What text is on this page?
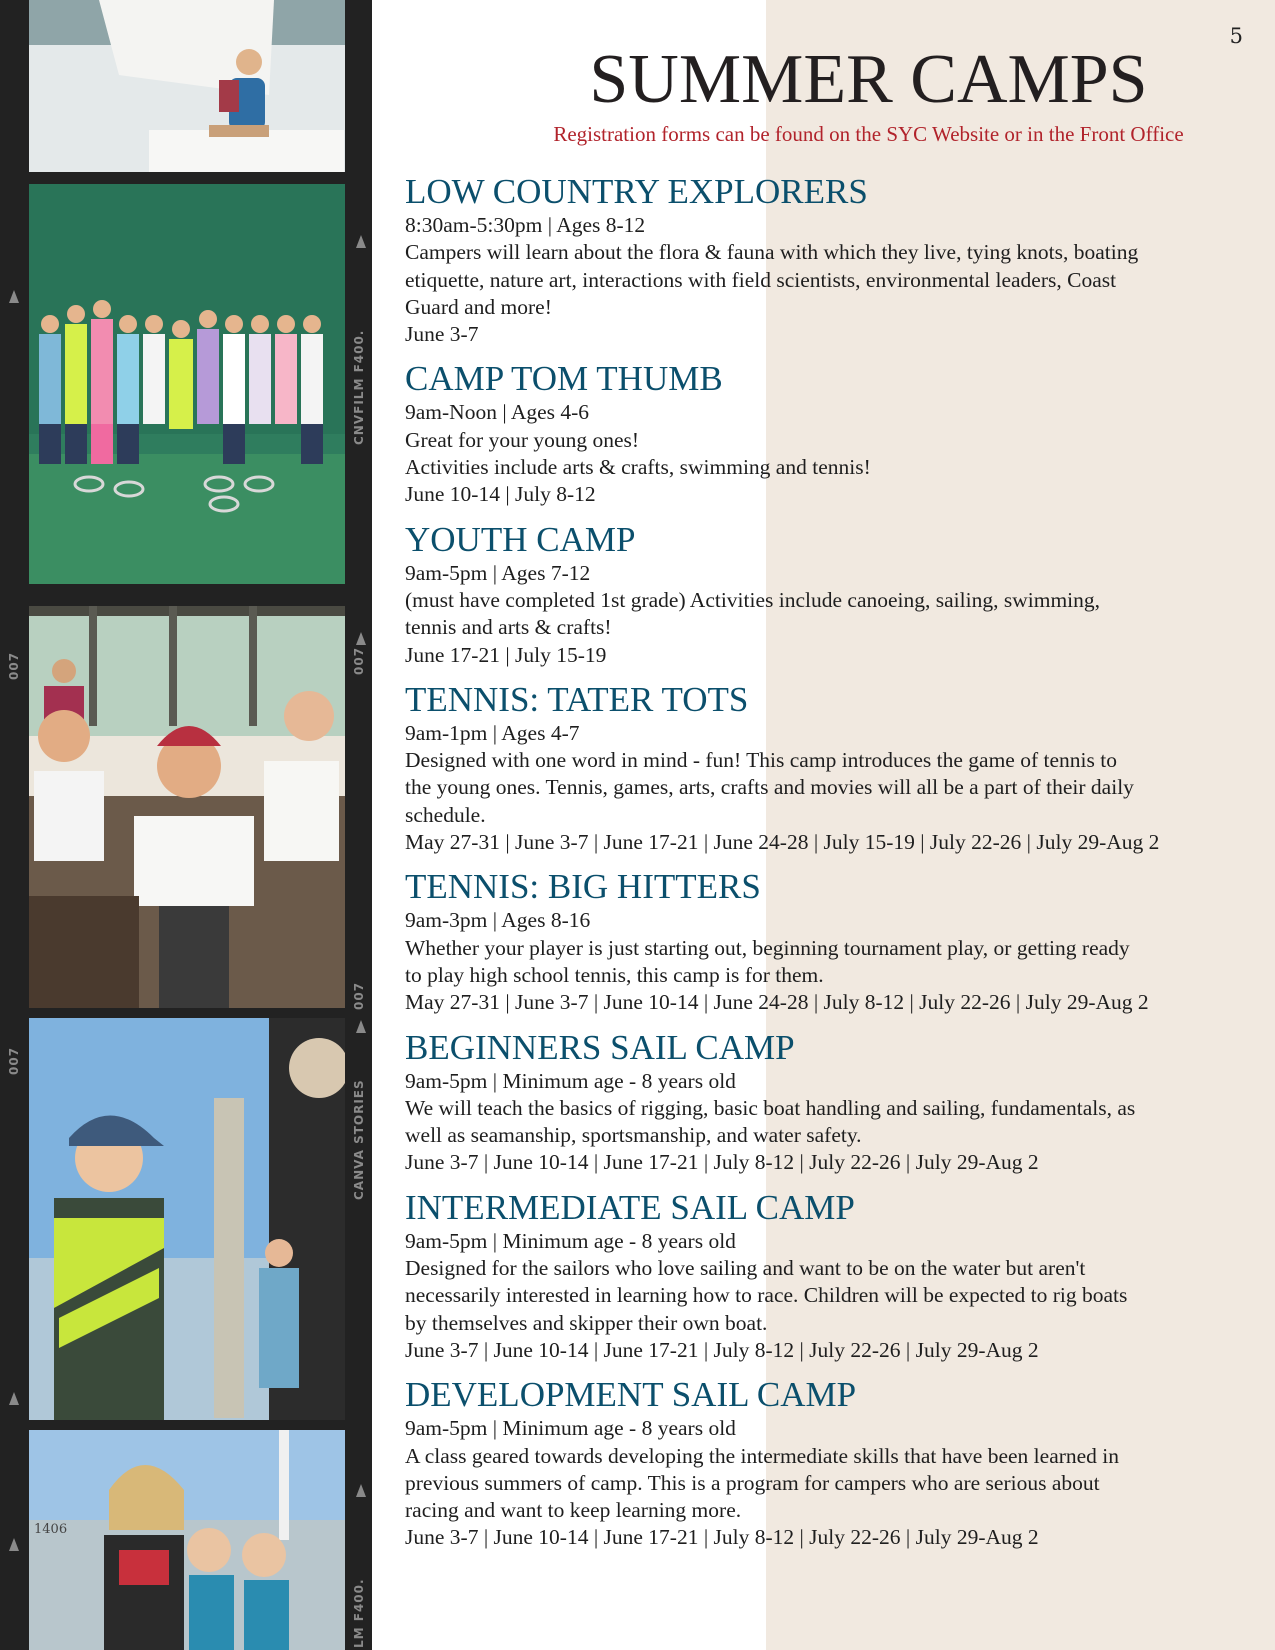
CNVFILM F400.
CANVA STORIES
007	007
007
007
LM F400.
1406
5
SUMMER CAMPS
Registration forms can be found on the SYC Website or in the Front Office
LOW COUNTRY EXPLORERS
8:30am-5:30pm | Ages 8-12
Campers will learn about the flora & fauna with which they live, tying knots, boating
etiquette, nature art, interactions with field scientists, environmental leaders, Coast
Guard and more!
June 3-7
CAMP TOM THUMB
9am-Noon | Ages 4-6
Great for your young ones!
Activities include arts & crafts, swimming and tennis!
June 10-14 | July 8-12
YOUTH CAMP
9am-5pm | Ages 7-12
(must have completed 1st grade) Activities include canoeing, sailing, swimming,
tennis and arts & crafts!
June 17-21 | July 15-19
TENNIS: TATER TOTS
9am-1pm | Ages 4-7
Designed with one word in mind - fun! This camp introduces the game of tennis to
the young ones. Tennis, games, arts, crafts and movies will all be a part of their daily
schedule.
May 27-31 | June 3-7 | June 17-21 | June 24-28 | July 15-19 | July 22-26 | July 29-Aug 2
TENNIS: BIG HITTERS
9am-3pm | Ages 8-16
Whether your player is just starting out, beginning tournament play, or getting ready
to play high school tennis, this camp is for them.
May 27-31 | June 3-7 | June 10-14 | June 24-28 | July 8-12 | July 22-26 | July 29-Aug 2
BEGINNERS SAIL CAMP
9am-5pm | Minimum age - 8 years old
We will teach the basics of rigging, basic boat handling and sailing, fundamentals, as
well as seamanship, sportsmanship, and water safety.
June 3-7 | June 10-14 | June 17-21 | July 8-12 | July 22-26 | July 29-Aug 2
INTERMEDIATE SAIL CAMP
9am-5pm | Minimum age - 8 years old
Designed for the sailors who love sailing and want to be on the water but aren't
necessarily interested in learning how to race. Children will be expected to rig boats
by themselves and skipper their own boat.
June 3-7 | June 10-14 | June 17-21 | July 8-12 | July 22-26 | July 29-Aug 2
DEVELOPMENT SAIL CAMP
9am-5pm | Minimum age - 8 years old
A class geared towards developing the intermediate skills that have been learned in
previous summers of camp. This is a program for campers who are serious about
racing and want to keep learning more.
June 3-7 | June 10-14 | June 17-21 | July 8-12 | July 22-26 | July 29-Aug 2
